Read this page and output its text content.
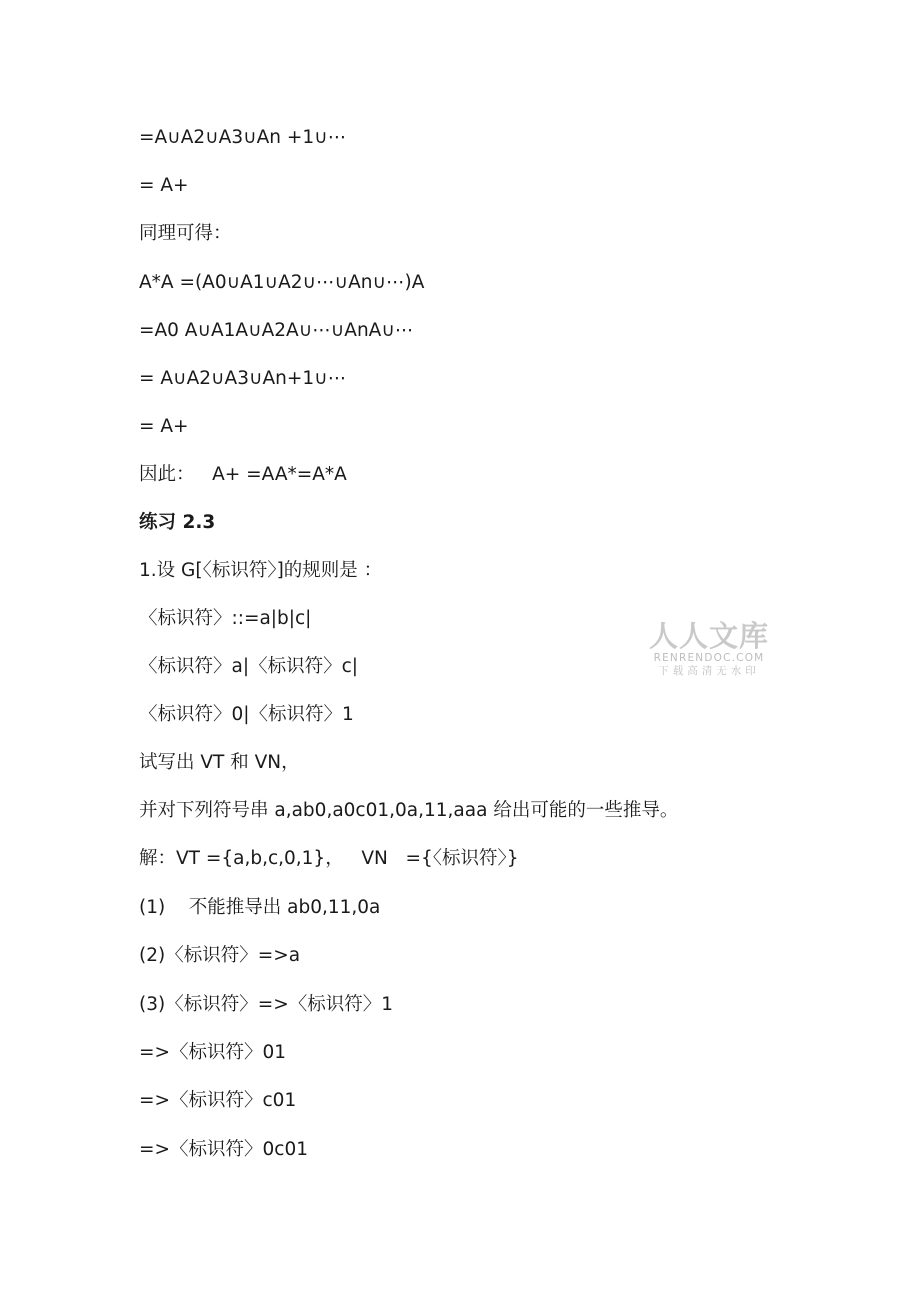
=A∪A2∪A3∪An +1∪⋯
= A+
同理可得：
A*A =(A0∪A1∪A2∪⋯∪An∪⋯)A
=A0 A∪A1A∪A2A∪⋯∪AnA∪⋯
= A∪A2∪A3∪An+1∪⋯
= A+
因此：   A+ =AA*=A*A
练习 2.3
1.设 G[〈标识符〉]的规则是 ：
〈标识符〉::=a|b|c|
〈标识符〉a|〈标识符〉c|
〈标识符〉0|〈标识符〉1
试写出 VT 和 VN，
并对下列符号串 a,ab0,a0c01,0a,11,aaa 给出可能的一些推导。
解：VT ={a,b,c,0,1}，   VN   ={〈标识符〉}
(1)    不能推导出 ab0,11,0a
(2)〈标识符〉=>a
(3)〈标识符〉=>〈标识符〉1
=>〈标识符〉01
=>〈标识符〉c01
=>〈标识符〉0c01
人人文库
RENRENDOC.COM
下载高清无水印
